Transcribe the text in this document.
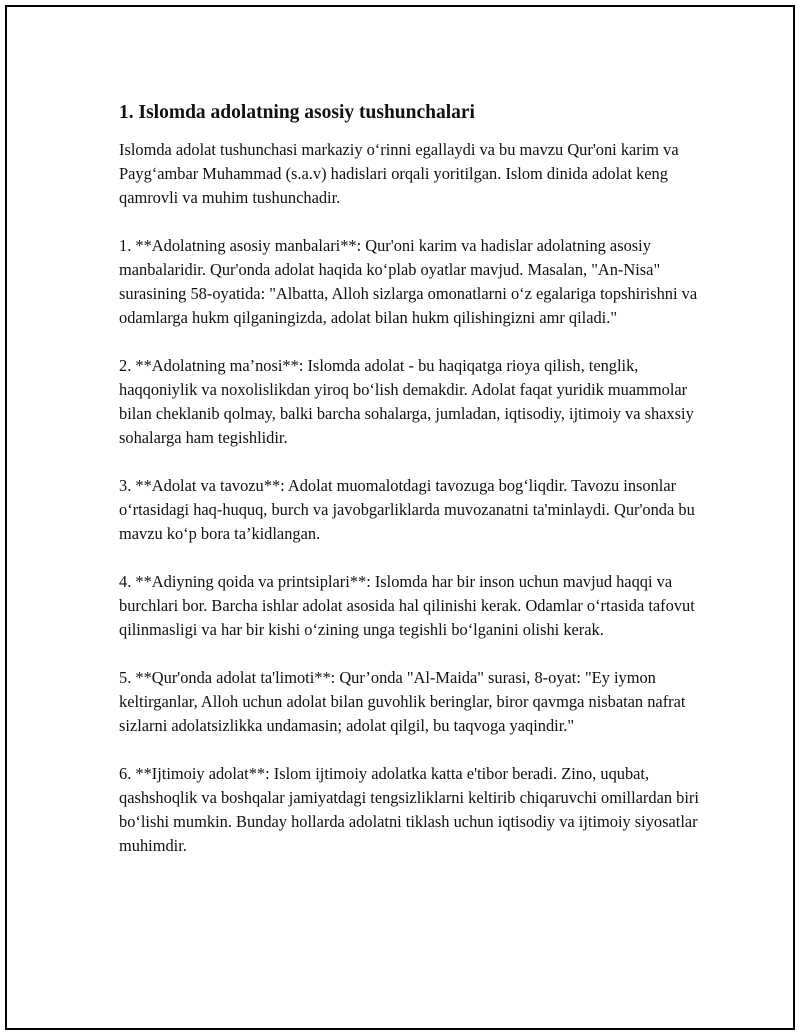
1. Islomda adolatning asosiy tushunchalari

Islomda adolat tushunchasi markaziy oʻrinni egallaydi va bu mavzu Qur'oni karim va Paygʻambar Muhammad (s.a.v) hadislari orqali yoritilgan. Islom dinida adolat keng qamrovli va muhim tushunchadir.

1. **Adolatning asosiy manbalari**: Qur'oni karim va hadislar adolatning asosiy manbalaridir. Qur'onda adolat haqida koʻplab oyatlar mavjud. Masalan, "An-Nisa" surasining 58-oyatida: "Albatta, Alloh sizlarga omonatlarni oʻz egalariga topshirishni va odamlarga hukm qilganingizda, adolat bilan hukm qilishingizni amr qiladi."

2. **Adolatning ma’nosi**: Islomda adolat - bu haqiqatga rioya qilish, tenglik, haqqoniylik va noxolislikdan yiroq boʻlish demakdir. Adolat faqat yuridik muammolar bilan cheklanib qolmay, balki barcha sohalarga, jumladan, iqtisodiy, ijtimoiy va shaxsiy sohalarga ham tegishlidir.

3. **Adolat va tavozu**: Adolat muomalotdagi tavozuga bogʻliqdir. Tavozu insonlar oʻrtasidagi haq-huquq, burch va javobgarliklarda muvozanatni ta'minlaydi. Qur'onda bu mavzu koʻp bora ta’kidlangan.

4. **Adiyning qoida va printsiplari**: Islomda har bir inson uchun mavjud haqqi va burchlari bor. Barcha ishlar adolat asosida hal qilinishi kerak. Odamlar oʻrtasida tafovut qilinmasligi va har bir kishi oʻzining unga tegishli boʻlganini olishi kerak.

5. **Qur'onda adolat ta'limoti**: Qur’onda "Al-Maida" surasi, 8-oyat: "Ey iymon keltirganlar, Alloh uchun adolat bilan guvohlik beringlar, biror qavmga nisbatan nafrat sizlarni adolatsizlikka undamasin; adolat qilgil, bu taqvoga yaqindir."

6. **Ijtimoiy adolat**: Islom ijtimoiy adolatka katta e'tibor beradi. Zino, uqubat, qashshoqlik va boshqalar jamiyatdagi tengsizliklarni keltirib chiqaruvchi omillardan biri boʻlishi mumkin. Bunday hollarda adolatni tiklash uchun iqtisodiy va ijtimoiy siyosatlar muhimdir.
